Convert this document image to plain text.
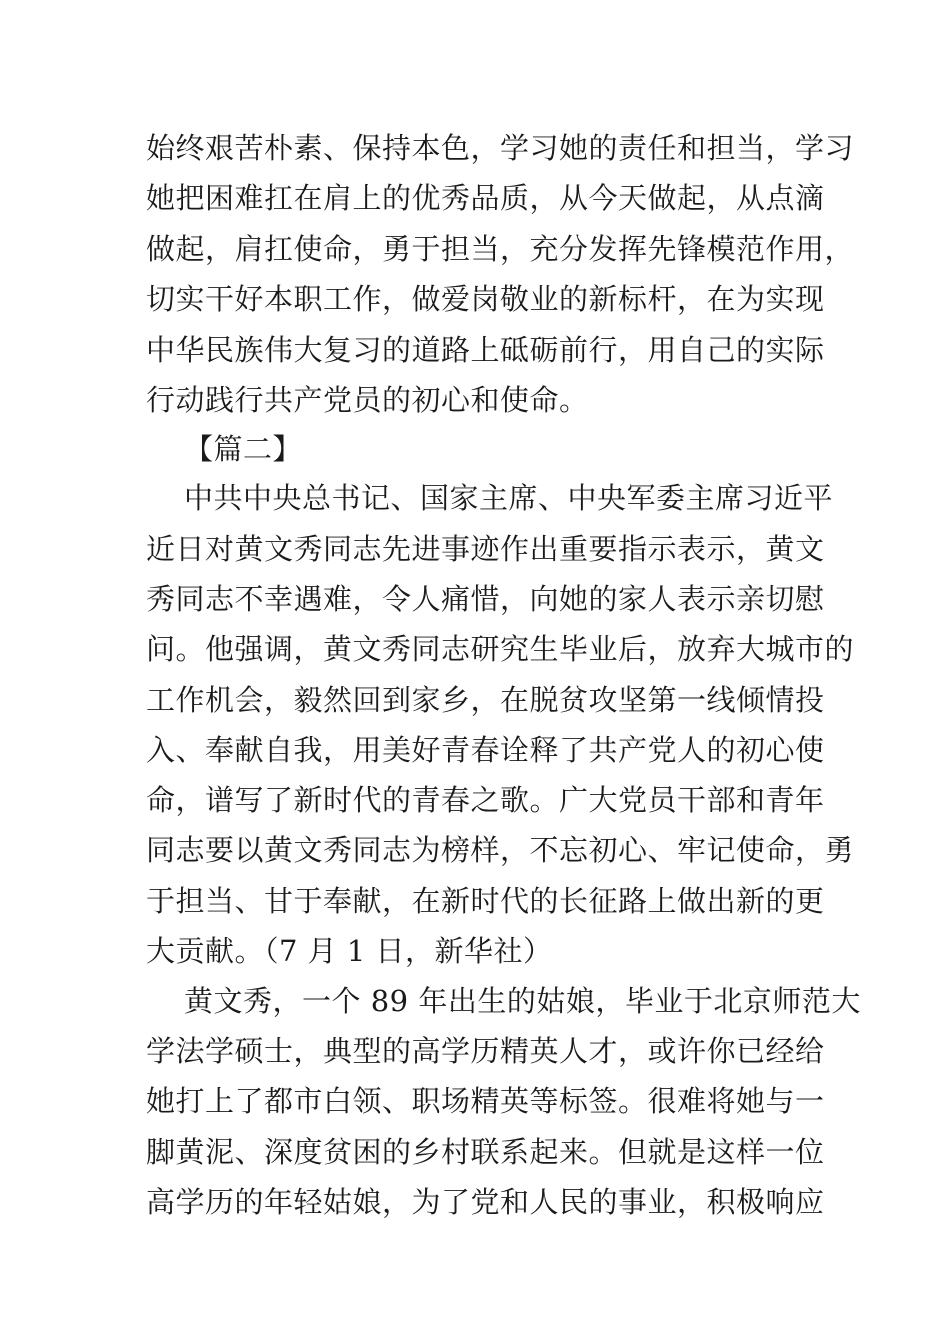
始终艰苦朴素、保持本色，学习她的责任和担当，学习
她把困难扛在肩上的优秀品质，从今天做起，从点滴
做起，肩扛使命，勇于担当，充分发挥先锋模范作用，
切实干好本职工作，做爱岗敬业的新标杆，在为实现
中华民族伟大复习的道路上砥砺前行，用自己的实际
行动践行共产党员的初心和使命。
【篇二】
中共中央总书记、国家主席、中央军委主席习近平
近日对黄文秀同志先进事迹作出重要指示表示，黄文
秀同志不幸遇难，令人痛惜，向她的家人表示亲切慰
问。他强调，黄文秀同志研究生毕业后，放弃大城市的
工作机会，毅然回到家乡，在脱贫攻坚第一线倾情投
入、奉献自我，用美好青春诠释了共产党人的初心使
命，谱写了新时代的青春之歌。广大党员干部和青年
同志要以黄文秀同志为榜样，不忘初心、牢记使命，勇
于担当、甘于奉献，在新时代的长征路上做出新的更
大贡献。（7 月 1 日，新华社）
黄文秀，一个 89 年出生的姑娘，毕业于北京师范大
学法学硕士，典型的高学历精英人才，或许你已经给
她打上了都市白领、职场精英等标签。很难将她与一
脚黄泥、深度贫困的乡村联系起来。但就是这样一位
高学历的年轻姑娘，为了党和人民的事业，积极响应
